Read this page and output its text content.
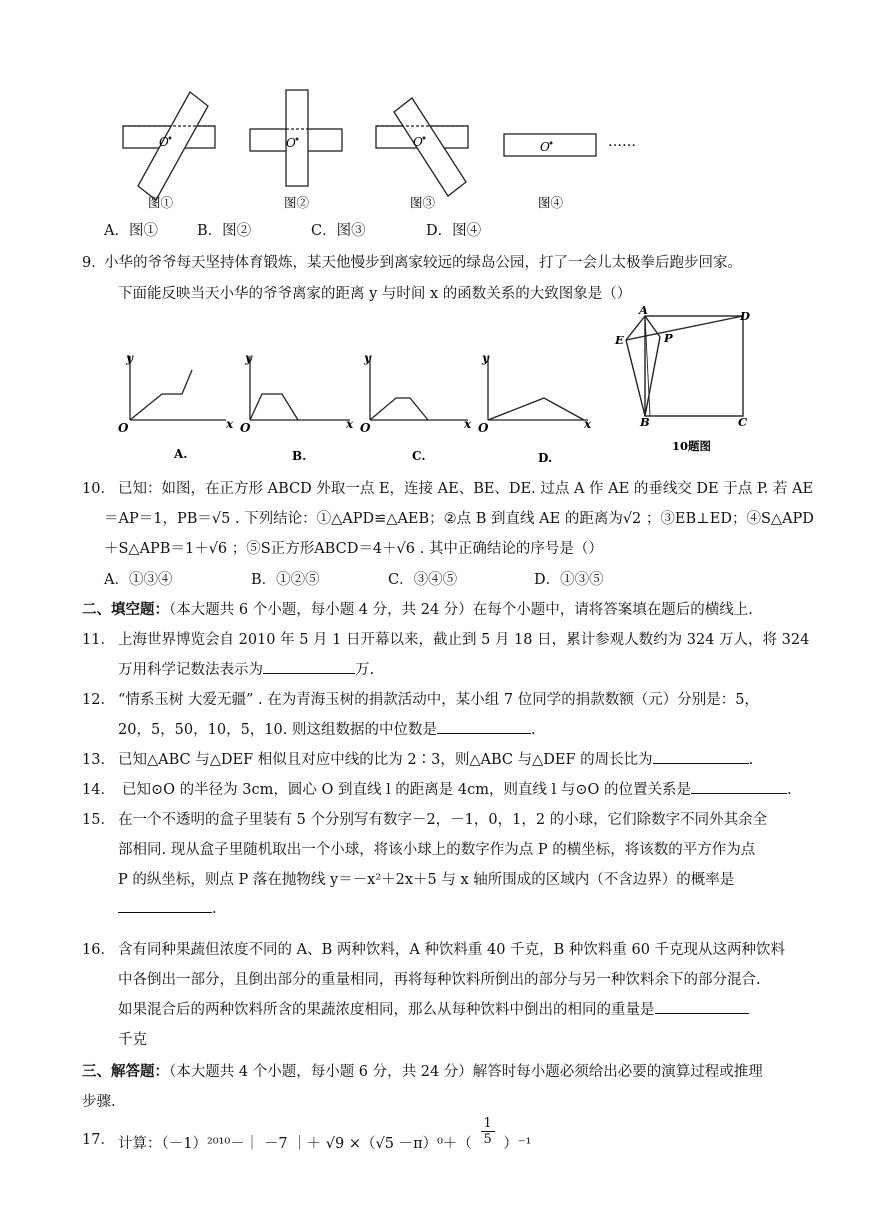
O	O	O	O	……
图①	图②	图③	图④
A．图①	B．图②	C．图③	D．图④
9．
小华的爷爷每天坚持体育锻炼，某天他慢步到离家较远的绿岛公园，打了一会儿太极拳后跑步回家。
下面能反映当天小华的爷爷离家的距离 y 与时间 x 的函数关系的大致图象是（）
y
x
O
y
x
O
y
x
O
y
x
O
A.	B.	C.	D.
A	D
E	P
B	C
10题图
10． 已知：如图，在正方形 ABCD 外取一点 E，连接 AE、BE、DE. 过点 A 作 AE 的垂线交 DE 于点 P. 若 AE
＝AP＝1，PB＝√5 . 下列结论：①△APD≌△AEB；②点 B 到直线 AE 的距离为√2 ；③EB⊥ED；④S△APD
＋S△APB＝1＋√6 ；⑤S正方形ABCD＝4＋√6 . 其中正确结论的序号是（）
A．①③④	B．①②⑤	C．③④⑤	D．①③⑤
二、填空题：（本大题共 6 个小题，每小题 4 分，共 24 分）在每个小题中，请将答案填在题后的横线上.
11． 上海世界博览会自 2010 年 5 月 1 日开幕以来，截止到 5 月 18 日，累计参观人数约为 324 万人，将 324
万用科学记数法表示为	万.
12． “情系玉树 大爱无疆” . 在为青海玉树的捐款活动中，某小组 7 位同学的捐款数额（元）分别是：5，
20，5，50，10，5，10. 则这组数据的中位数是	.
13． 已知△ABC 与△DEF 相似且对应中线的比为 2∶3，则△ABC 与△DEF 的周长比为	.
14． 已知⊙O 的半径为 3cm，圆心 O 到直线 l 的距离是 4cm，则直线 l 与⊙O 的位置关系是	.
15． 在一个不透明的盒子里装有 5 个分别写有数字－2，－1，0，1，2 的小球，它们除数字不同外其余全
部相同. 现从盒子里随机取出一个小球，将该小球上的数字作为点 P 的横坐标，将该数的平方作为点
P 的纵坐标，则点 P 落在抛物线 y＝－x²＋2x＋5 与 x 轴所围成的区域内（不含边界）的概率是
.
16． 含有同种果蔬但浓度不同的 A、B 两种饮料，A 种饮料重 40 千克，B 种饮料重 60 千克现从这两种饮料
中各倒出一部分，且倒出部分的重量相同，再将每种饮料所倒出的部分与另一种饮料余下的部分混合.
如果混合后的两种饮料所含的果蔬浓度相同，那么从每种饮料中倒出的相同的重量是
千克
三、解答题：（本大题共 4 个小题，每小题 6 分，共 24 分）解答时每小题必须给出必要的演算过程或推理
步骤.
17． 计算：（－1）²⁰¹⁰－｜ －7 ｜＋ $√9 \times(√5 -\pi)^0+( \frac{1}{5} )^{-1}$
